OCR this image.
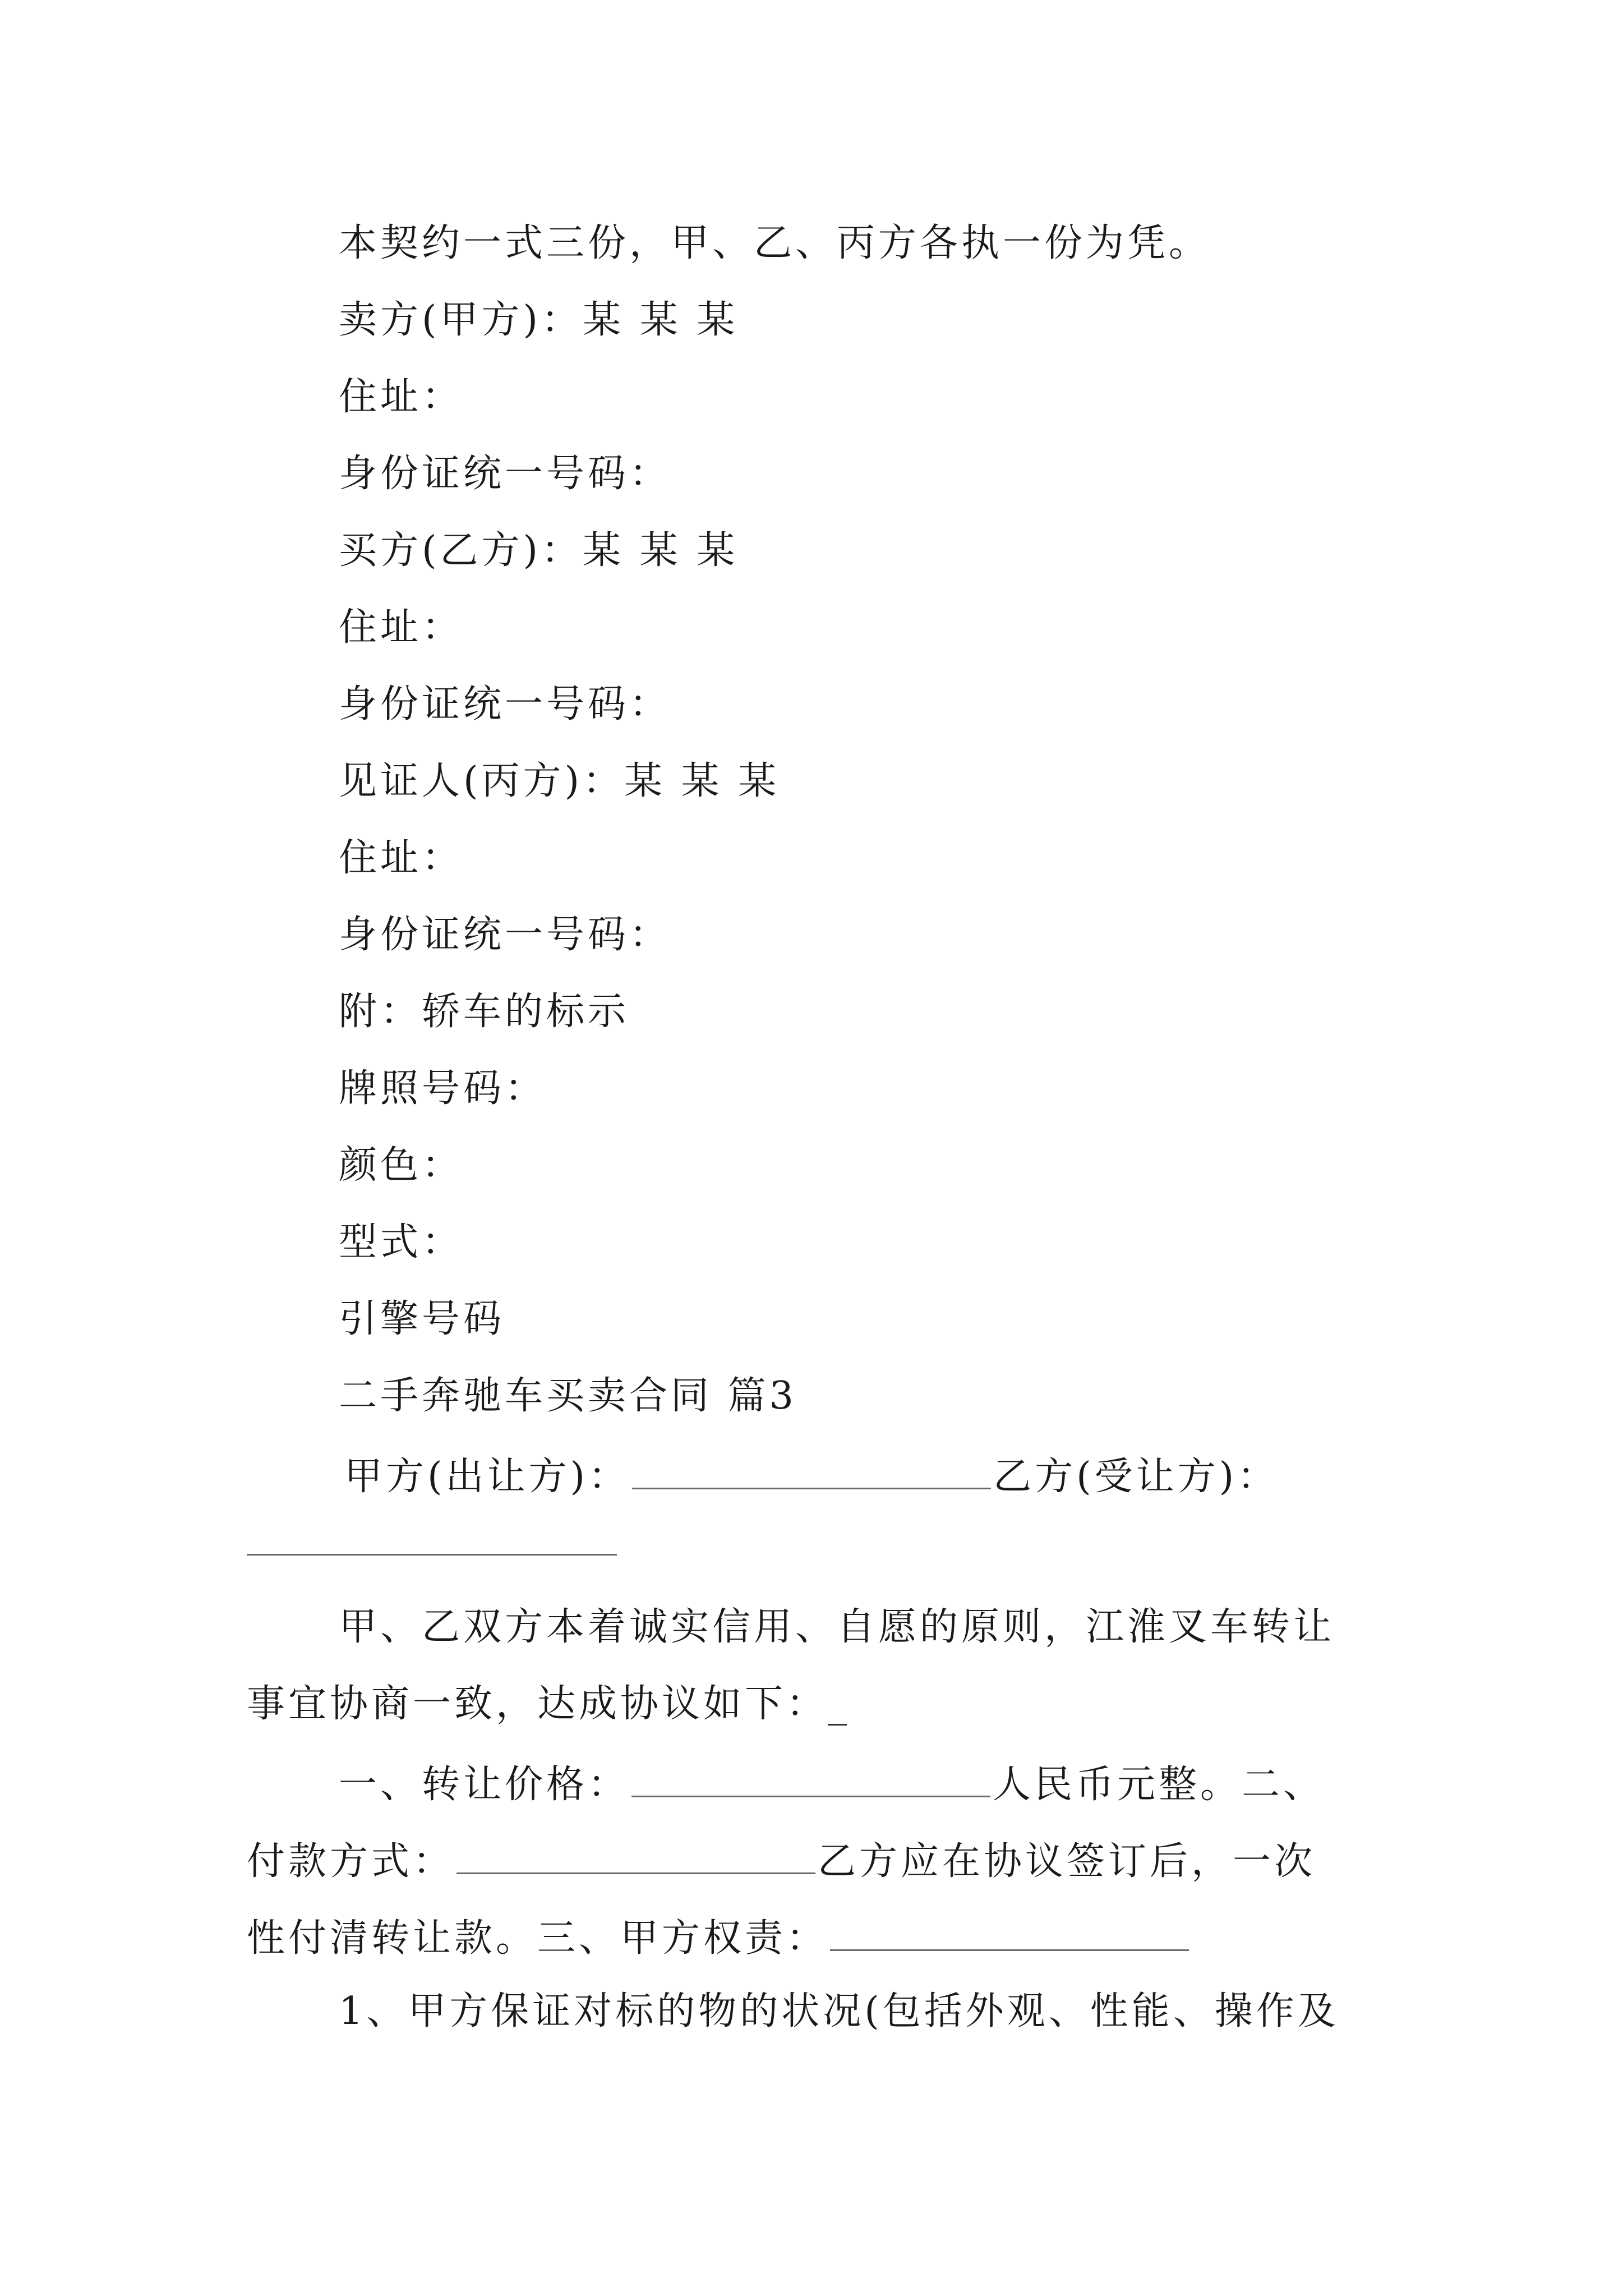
本契约一式三份，甲、乙、丙方各执一份为凭。
卖方(甲方)：某 某 某
住址：
身份证统一号码：
买方(乙方)：某 某 某
住址：
身份证统一号码：
见证人(丙方)：某 某 某
住址：
身份证统一号码：
附：轿车的标示
牌照号码：
颜色：
型式：
引擎号码
二手奔驰车买卖合同 篇3
甲方(出让方)：	乙方(受让方)：
甲、乙双方本着诚实信用、自愿的原则，江淮叉车转让
事宜协商一致，达成协议如下：_
一、转让价格：	人民币元整。二、
付款方式：	乙方应在协议签订后，一次
性付清转让款。三、甲方权责：
1、甲方保证对标的物的状况(包括外观、性能、操作及
